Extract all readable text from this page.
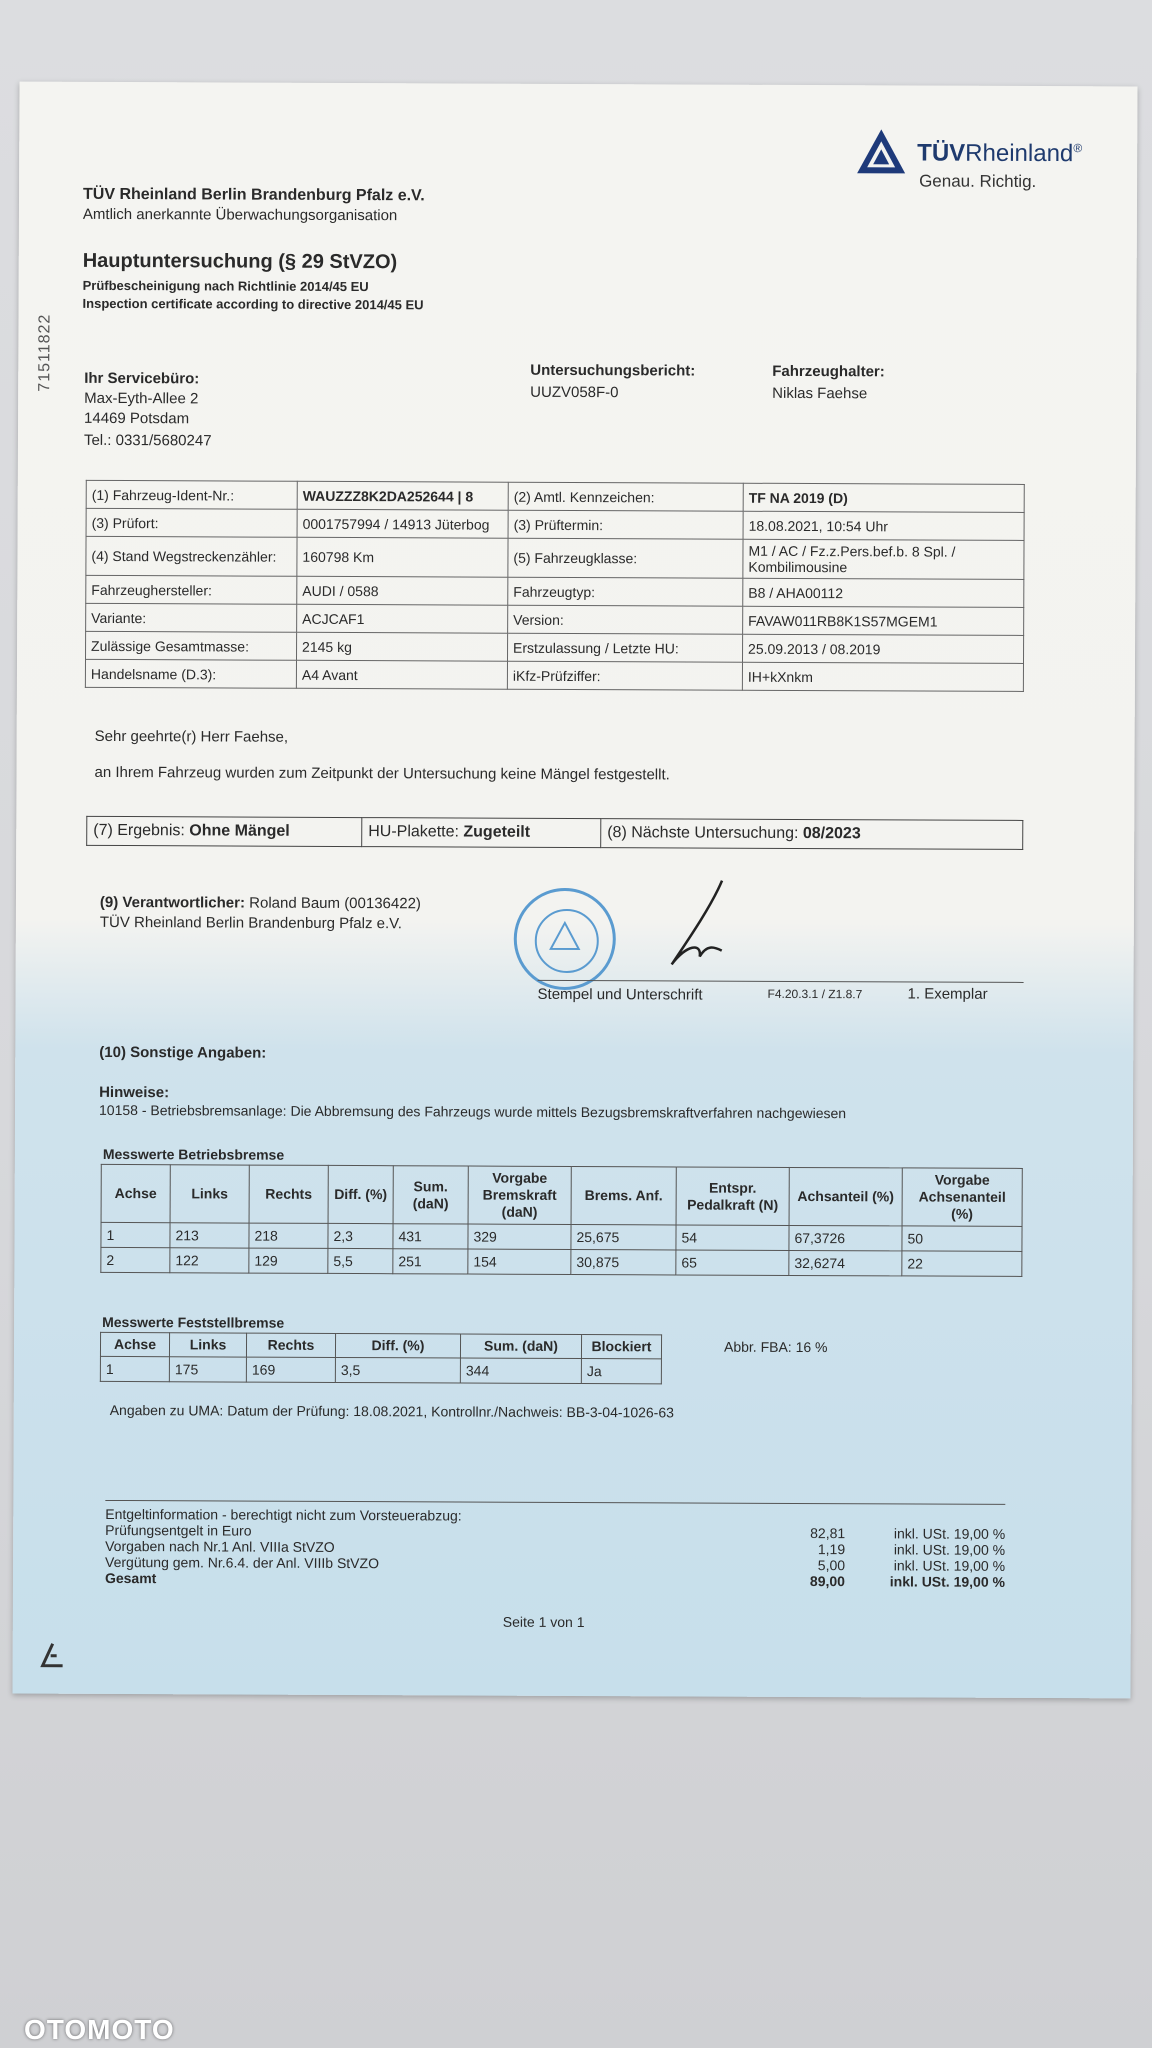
71511822
TÜVRheinland®
Genau. Richtig.
TÜV Rheinland Berlin Brandenburg Pfalz e.V.
Amtlich anerkannte Überwachungsorganisation
Hauptuntersuchung (§ 29 StVZO)
Prüfbescheinigung nach Richtlinie 2014/45 EU
Inspection certificate according to directive 2014/45 EU
Ihr Servicebüro:
Max-Eyth-Allee 2
14469 Potsdam
Tel.: 0331/5680247
Untersuchungsbericht:
UUZV058F-0
Fahrzeughalter:
Niklas Faehse
(1) Fahrzeug-Ident-Nr.:	WAUZZZ8K2DA252644 | 8	(2) Amtl. Kennzeichen:	TF NA 2019 (D)
(3) Prüfort:	0001757994 / 14913 Jüterbog	(3) Prüftermin:	18.08.2021, 10:54 Uhr
(4) Stand Wegstreckenzähler:	160798 Km	(5) Fahrzeugklasse:	M1 / AC / Fz.z.Pers.bef.b. 8 Spl. / Kombilimousine
Fahrzeughersteller:	AUDI / 0588	Fahrzeugtyp:	B8 / AHA00112
Variante:	ACJCAF1	Version:	FAVAW011RB8K1S57MGEM1
Zulässige Gesamtmasse:	2145 kg	Erstzulassung / Letzte HU:	25.09.2013 / 08.2019
Handelsname (D.3):	A4 Avant	iKfz-Prüfziffer:	IH+kXnkm
Sehr geehrte(r) Herr Faehse,
an Ihrem Fahrzeug wurden zum Zeitpunkt der Untersuchung keine Mängel festgestellt.
(7) Ergebnis: Ohne Mängel	HU-Plakette: Zugeteilt	(8) Nächste Untersuchung: 08/2023
(9) Verantwortlicher: Roland Baum (00136422)
TÜV Rheinland Berlin Brandenburg Pfalz e.V.
Stempel und Unterschrift	F4.20.3.1 / Z1.8.7	1. Exemplar
(10) Sonstige Angaben:
Hinweise:
10158 - Betriebsbremsanlage: Die Abbremsung des Fahrzeugs wurde mittels Bezugsbremskraftverfahren nachgewiesen
Messwerte Betriebsbremse
Achse	Links	Rechts	Diff. (%)	Sum. (daN)	Vorgabe Bremskraft (daN)	Brems. Anf.	Entspr. Pedalkraft (N)	Achsanteil (%)	Vorgabe Achsenanteil (%)
1	213	218	2,3	431	329	25,675	54	67,3726	50
2	122	129	5,5	251	154	30,875	65	32,6274	22
Messwerte Feststellbremse
Achse	Links	Rechts	Diff. (%)	Sum. (daN)	Blockiert
1	175	169	3,5	344	Ja
Abbr. FBA: 16 %
Angaben zu UMA: Datum der Prüfung: 18.08.2021, Kontrollnr./Nachweis: BB-3-04-1026-63
Entgeltinformation - berechtigt nicht zum Vorsteuerabzug:
Prüfungsentgelt in Euro	82,81	inkl. USt. 19,00 %
Vorgaben nach Nr.1 Anl. VIIIa StVZO	1,19	inkl. USt. 19,00 %
Vergütung gem. Nr.6.4. der Anl. VIIIb StVZO	5,00	inkl. USt. 19,00 %
Gesamt	89,00	inkl. USt. 19,00 %
Seite 1 von 1
OTOMOTO
